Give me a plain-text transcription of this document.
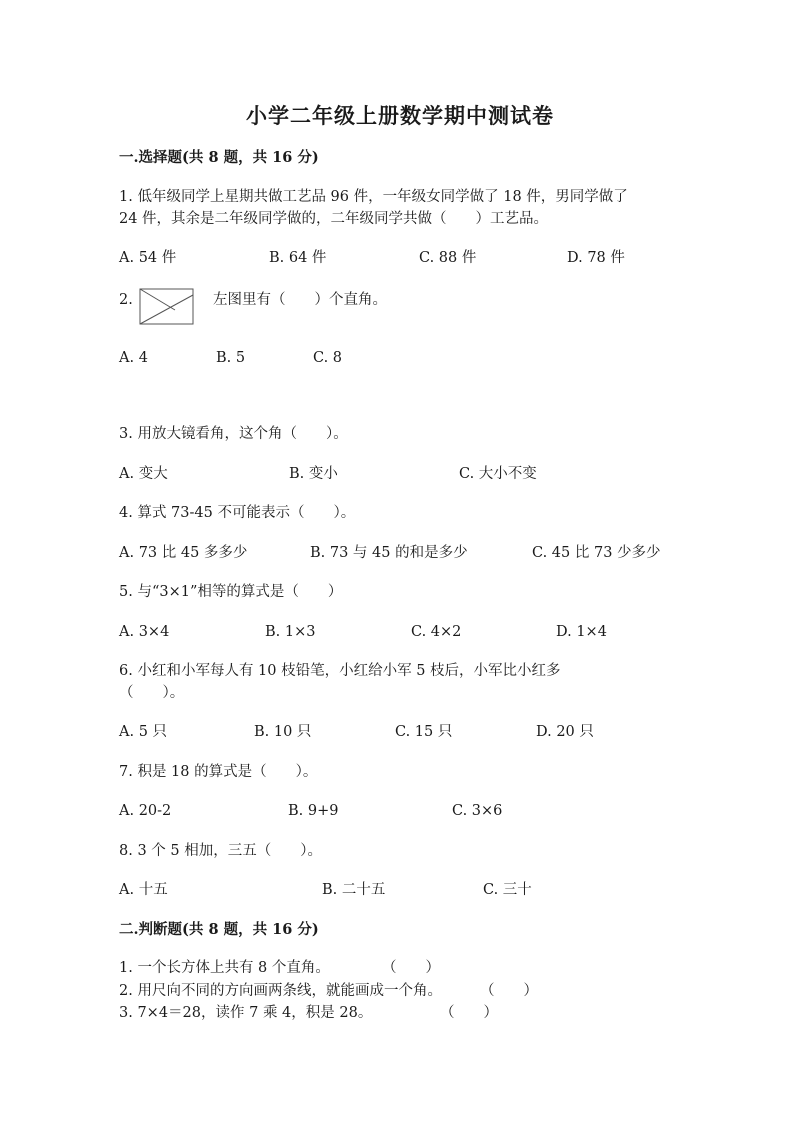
小学二年级上册数学期中测试卷
一.选择题(共 8 题，共 16 分)
1. 低年级同学上星期共做工艺品 96 件，一年级女同学做了 18 件，男同学做了
24 件，其余是二年级同学做的，二年级同学共做（　　）工艺品。
A. 54 件	B. 64 件	C. 88 件	D. 78 件
2.	左图里有（　　）个直角。
A. 4	B. 5	C. 8
3. 用放大镜看角，这个角（　　）。
A. 变大	B. 变小	C. 大小不变
4. 算式 73-45 不可能表示（　　）。
A. 73 比 45 多多少	B. 73 与 45 的和是多少	C. 45 比 73 少多少
5. 与“3×1”相等的算式是（　　）
A. 3×4	B. 1×3	C. 4×2	D. 1×4
6. 小红和小军每人有 10 枝铅笔，小红给小军 5 枝后，小军比小红多
（　　）。
A. 5 只	B. 10 只	C. 15 只	D. 20 只
7. 积是 18 的算式是（　　）。
A. 20-2	B. 9+9	C. 3×6
8. 3 个 5 相加，三五（　　）。
A. 十五	B. 二十五	C. 三十
二.判断题(共 8 题，共 16 分)
1. 一个长方体上共有 8 个直角。	（　　）
2. 用尺向不同的方向画两条线，就能画成一个角。	（　　）
3. 7×4＝28，读作 7 乘 4，积是 28。	（　　）
